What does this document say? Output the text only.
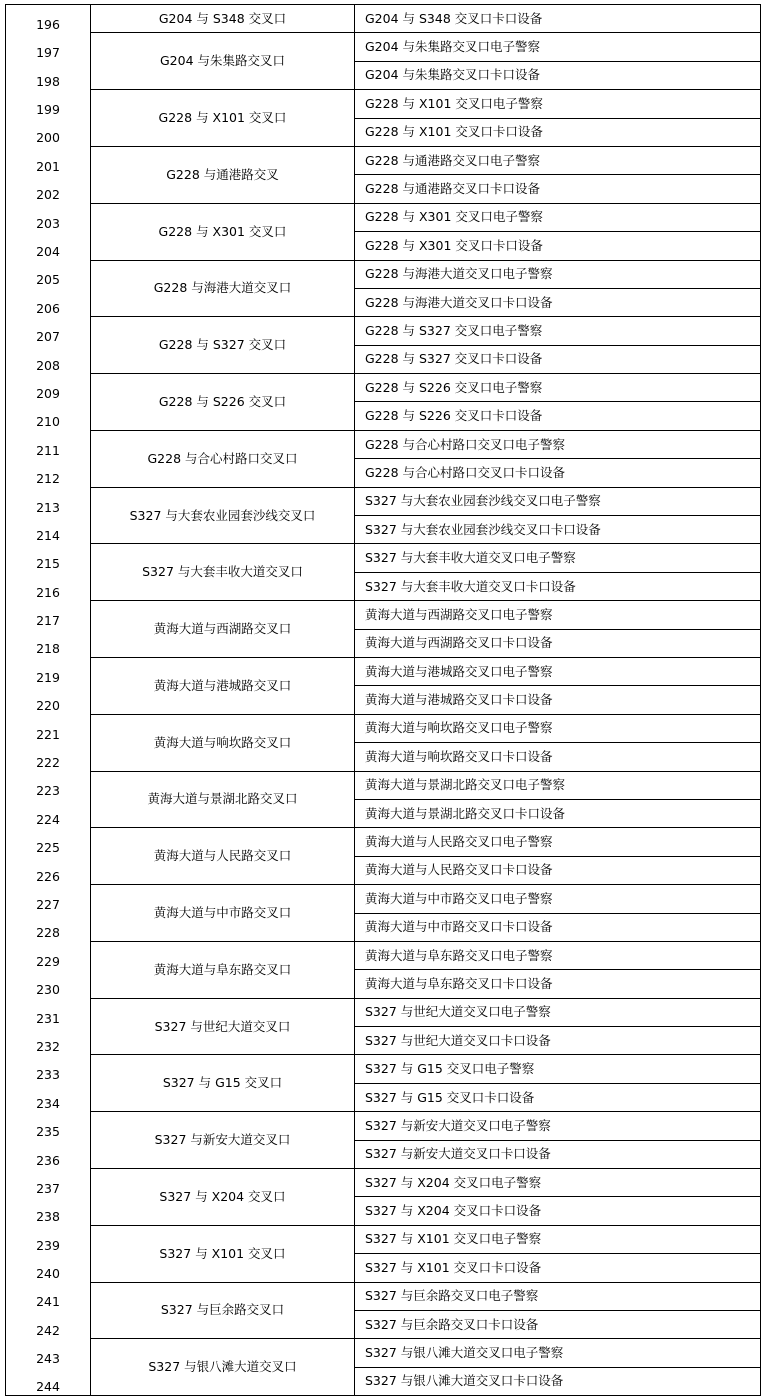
196	G204 与 S348 交叉口	G204 与 S348 交叉口卡口设备
197	G204 与朱集路交叉口	G204 与朱集路交叉口电子警察
198		G204 与朱集路交叉口卡口设备
199	G228 与 X101 交叉口	G228 与 X101 交叉口电子警察
200		G228 与 X101 交叉口卡口设备
201	G228 与通港路交叉	G228 与通港路交叉口电子警察
202		G228 与通港路交叉口卡口设备
203	G228 与 X301 交叉口	G228 与 X301 交叉口电子警察
204		G228 与 X301 交叉口卡口设备
205	G228 与海港大道交叉口	G228 与海港大道交叉口电子警察
206		G228 与海港大道交叉口卡口设备
207	G228 与 S327 交叉口	G228 与 S327 交叉口电子警察
208		G228 与 S327 交叉口卡口设备
209	G228 与 S226 交叉口	G228 与 S226 交叉口电子警察
210		G228 与 S226 交叉口卡口设备
211	G228 与合心村路口交叉口	G228 与合心村路口交叉口电子警察
212		G228 与合心村路口交叉口卡口设备
213	S327 与大套农业园套沙线交叉口	S327 与大套农业园套沙线交叉口电子警察
214		S327 与大套农业园套沙线交叉口卡口设备
215	S327 与大套丰收大道交叉口	S327 与大套丰收大道交叉口电子警察
216		S327 与大套丰收大道交叉口卡口设备
217	黄海大道与西湖路交叉口	黄海大道与西湖路交叉口电子警察
218		黄海大道与西湖路交叉口卡口设备
219	黄海大道与港城路交叉口	黄海大道与港城路交叉口电子警察
220		黄海大道与港城路交叉口卡口设备
221	黄海大道与响坎路交叉口	黄海大道与响坎路交叉口电子警察
222		黄海大道与响坎路交叉口卡口设备
223	黄海大道与景湖北路交叉口	黄海大道与景湖北路交叉口电子警察
224		黄海大道与景湖北路交叉口卡口设备
225	黄海大道与人民路交叉口	黄海大道与人民路交叉口电子警察
226		黄海大道与人民路交叉口卡口设备
227	黄海大道与中市路交叉口	黄海大道与中市路交叉口电子警察
228		黄海大道与中市路交叉口卡口设备
229	黄海大道与阜东路交叉口	黄海大道与阜东路交叉口电子警察
230		黄海大道与阜东路交叉口卡口设备
231	S327 与世纪大道交叉口	S327 与世纪大道交叉口电子警察
232		S327 与世纪大道交叉口卡口设备
233	S327 与 G15 交叉口	S327 与 G15 交叉口电子警察
234		S327 与 G15 交叉口卡口设备
235	S327 与新安大道交叉口	S327 与新安大道交叉口电子警察
236		S327 与新安大道交叉口卡口设备
237	S327 与 X204 交叉口	S327 与 X204 交叉口电子警察
238		S327 与 X204 交叉口卡口设备
239	S327 与 X101 交叉口	S327 与 X101 交叉口电子警察
240		S327 与 X101 交叉口卡口设备
241	S327 与巨余路交叉口	S327 与巨余路交叉口电子警察
242		S327 与巨余路交叉口卡口设备
243	S327 与银八滩大道交叉口	S327 与银八滩大道交叉口电子警察
244		S327 与银八滩大道交叉口卡口设备
